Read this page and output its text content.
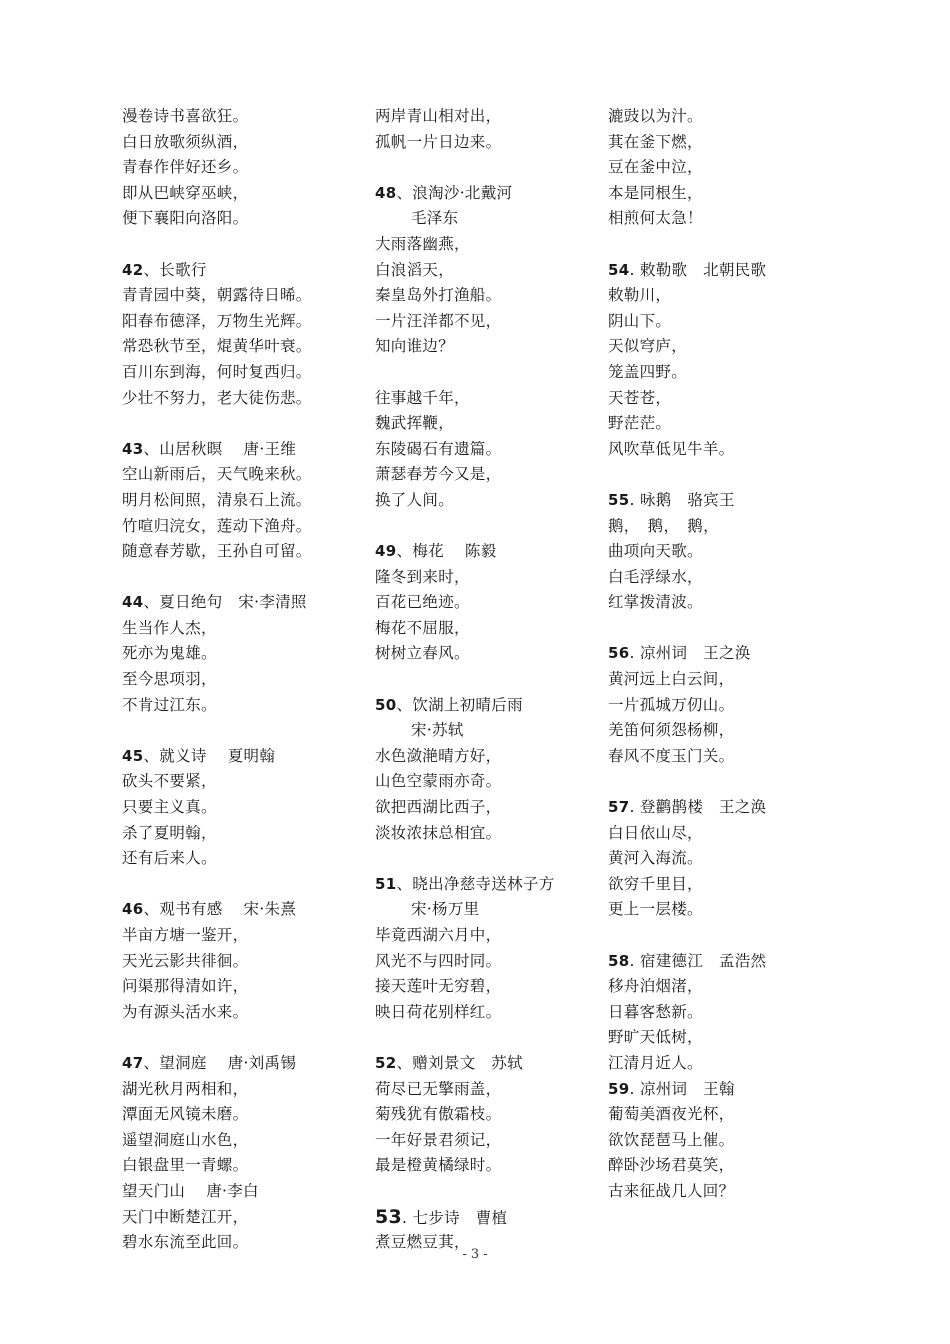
漫卷诗书喜欲狂。
白日放歌须纵酒，
青春作伴好还乡。
即从巴峡穿巫峡，
便下襄阳向洛阳。
42、长歌行
青青园中葵，朝露待日晞。
阳春布德泽，万物生光辉。
常恐秋节至，焜黄华叶衰。
百川东到海，何时复西归。
少壮不努力，老大徒伤悲。
43、山居秋暝　 唐·王维
空山新雨后，天气晚来秋。
明月松间照，清泉石上流。
竹喧归浣女，莲动下渔舟。
随意春芳歇，王孙自可留。
44、夏日绝句　宋·李清照
生当作人杰，
死亦为鬼雄。
至今思项羽，
不肯过江东。
45、就义诗　 夏明翰
砍头不要紧，
只要主义真。
杀了夏明翰，
还有后来人。
46、观书有感　 宋·朱熹
半亩方塘一鉴开，
天光云影共徘徊。
问渠那得清如许，
为有源头活水来。
47、望洞庭　 唐·刘禹锡
湖光秋月两相和，
潭面无风镜未磨。
遥望洞庭山水色，
白银盘里一青螺。
望天门山　 唐·李白
天门中断楚江开，
碧水东流至此回。
两岸青山相对出，
孤帆一片日边来。
48、浪淘沙·北戴河
毛泽东
大雨落幽燕，
白浪滔天，
秦皇岛外打渔船。
一片汪洋都不见，
知向谁边？
往事越千年，
魏武挥鞭，
东陵碣石有遗篇。
萧瑟春芳今又是，
换了人间。
49、梅花　 陈毅
隆冬到来时，
百花已绝迹。
梅花不屈服，
树树立春风。
50、饮湖上初晴后雨
宋·苏轼
水色潋滟晴方好，
山色空蒙雨亦奇。
欲把西湖比西子，
淡妆浓抹总相宜。
51、晓出净慈寺送林子方
宋·杨万里
毕竟西湖六月中，
风光不与四时同。
接天莲叶无穷碧，
映日荷花别样红。
52、赠刘景文　苏轼
荷尽已无擎雨盖，
菊残犹有傲霜枝。
一年好景君须记，
最是橙黄橘绿时。
53. 七步诗　曹植
煮豆燃豆萁，
漉豉以为汁。
萁在釜下燃，
豆在釜中泣，
本是同根生，
相煎何太急！
54. 敕勒歌　北朝民歌
敕勒川，
阴山下。
天似穹庐，
笼盖四野。
天苍苍，
野茫茫。
风吹草低见牛羊。
55. 咏鹅　骆宾王
鹅，　鹅，　鹅，
曲项向天歌。
白毛浮绿水，
红掌拨清波。
56. 凉州词　王之涣
黄河远上白云间，
一片孤城万仞山。
羌笛何须怨杨柳，
春风不度玉门关。
57. 登鹳鹊楼　王之涣
白日依山尽，
黄河入海流。
欲穷千里目，
更上一层楼。
58. 宿建德江　孟浩然
移舟泊烟渚，
日暮客愁新。
野旷天低树，
江清月近人。
59. 凉州词　王翰
葡萄美酒夜光杯，
欲饮琵琶马上催。
醉卧沙场君莫笑，
古来征战几人回？
- 3 -
